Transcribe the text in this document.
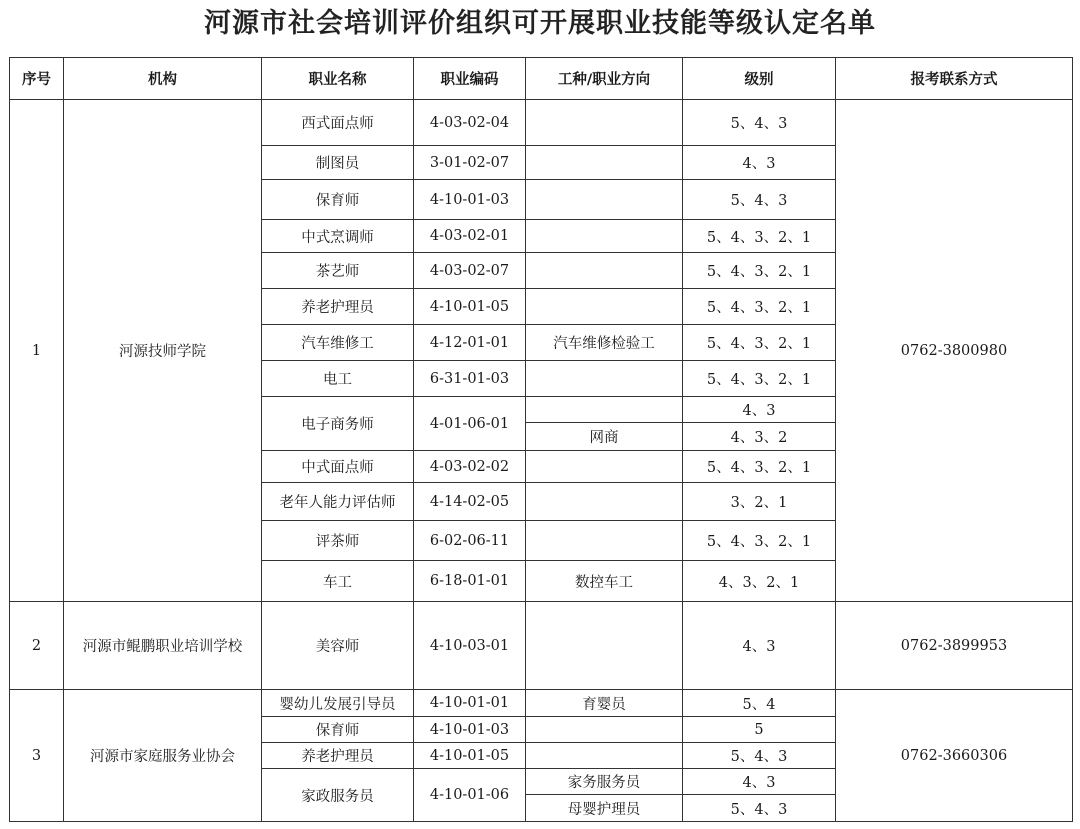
河源市社会培训评价组织可开展职业技能等级认定名单
序号	机构	职业名称	职业编码	工种/职业方向	级别	报考联系方式
1	河源技师学院	西式面点师	4-03-02-04		5、4、3	0762-3800980
		制图员	3-01-02-07		4、3	
		保育师	4-10-01-03		5、4、3	
		中式烹调师	4-03-02-01		5、4、3、2、1	
		茶艺师	4-03-02-07		5、4、3、2、1	
		养老护理员	4-10-01-05		5、4、3、2、1	
		汽车维修工	4-12-01-01	汽车维修检验工	5、4、3、2、1	
		电工	6-31-01-03		5、4、3、2、1	
		电子商务师	4-01-06-01		4、3	
				网商	4、3、2	
		中式面点师	4-03-02-02		5、4、3、2、1	
		老年人能力评估师	4-14-02-05		3、2、1	
		评茶师	6-02-06-11		5、4、3、2、1	
		车工	6-18-01-01	数控车工	4、3、2、1	
2	河源市鲲鹏职业培训学校	美容师	4-10-03-01		4、3	0762-3899953
3	河源市家庭服务业协会	婴幼儿发展引导员	4-10-01-01	育婴员	5、4	0762-3660306
		保育师	4-10-01-03		5	
		养老护理员	4-10-01-05		5、4、3	
		家政服务员	4-10-01-06	家务服务员	4、3	
				母婴护理员	5、4、3	
